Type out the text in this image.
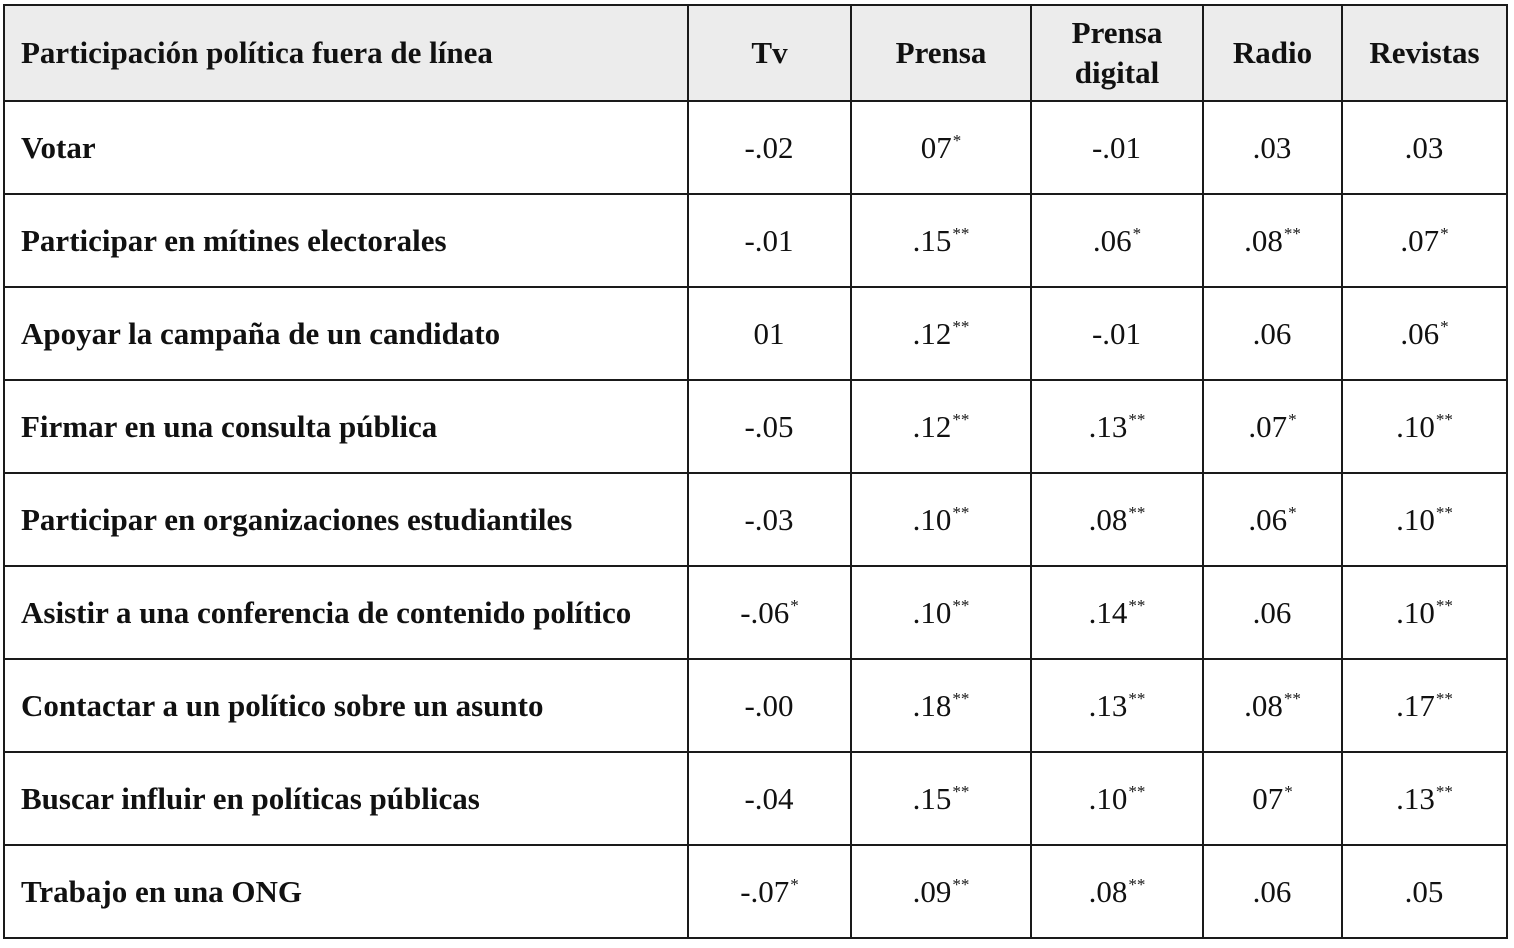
Participación política fuera de línea	Tv	Prensa	Prensa digital	Radio	Revistas
Votar	-.02	07*	-.01	.03	.03
Participar en mítines electorales	-.01	.15**	.06*	.08**	.07*
Apoyar la campaña de un candidato	01	.12**	-.01	.06	.06*
Firmar en una consulta pública	-.05	.12**	.13**	.07*	.10**
Participar en organizaciones estudiantiles	-.03	.10**	.08**	.06*	.10**
Asistir a una conferencia de contenido político	-.06*	.10**	.14**	.06	.10**
Contactar a un político sobre un asunto	-.00	.18**	.13**	.08**	.17**
Buscar influir en políticas públicas	-.04	.15**	.10**	07*	.13**
Trabajo en una ONG	-.07*	.09**	.08**	.06	.05
